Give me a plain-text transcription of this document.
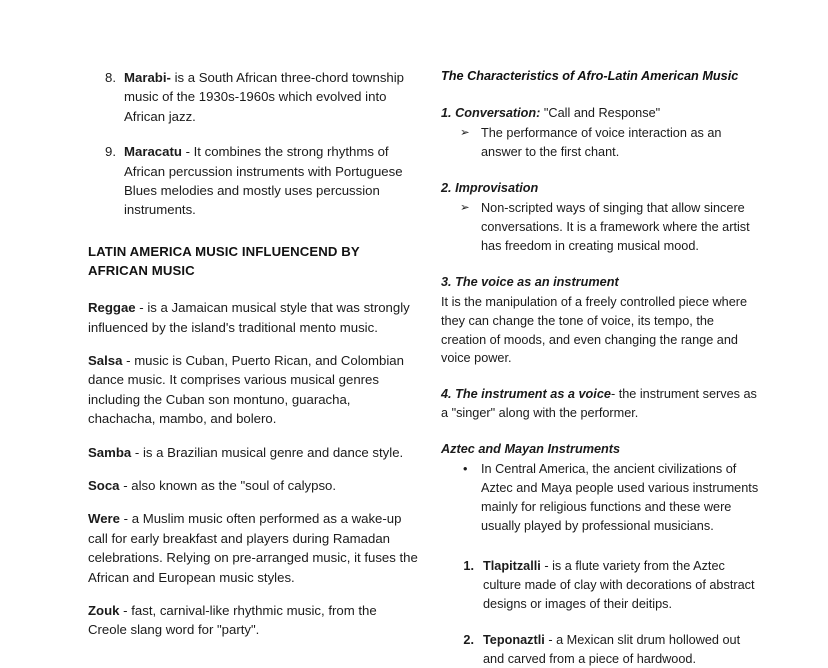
8. Marabi- is a South African three-chord township music of the 1930s-1960s which evolved into African jazz.
9. Maracatu - It combines the strong rhythms of African percussion instruments with Portuguese Blues melodies and mostly uses percussion instruments.
LATIN AMERICA MUSIC INFLUENCEND BY AFRICAN MUSIC

Reggae - is a Jamaican musical style that was strongly influenced by the island's traditional mento music.

Salsa - music is Cuban, Puerto Rican, and Colombian dance music. It comprises various musical genres including the Cuban son montuno, guaracha, chachacha, mambo, and bolero.

Samba - is a Brazilian musical genre and dance style.

Soca - also known as the "soul of calypso.

Were - a Muslim music often performed as a wake-up call for early breakfast and players during Ramadan celebrations. Relying on pre-arranged music, it fuses the African and European music styles.

Zouk - fast, carnival-like rhythmic music, from the Creole slang word for "party".

The Characteristics of Afro-Latin American Music
1. Conversation: "Call and Response"
➢ The performance of voice interaction as an answer to the first chant.
2. Improvisation
➢ Non-scripted ways of singing that allow sincere conversations. It is a framework where the artist has freedom in creating musical mood.
3. The voice as an instrument
It is the manipulation of a freely controlled piece where they can change the tone of voice, its tempo, the creation of moods, and even changing the range and voice power.
4. The instrument as a voice- the instrument serves as a "singer" along with the performer.
Aztec and Mayan Instruments
• In Central America, the ancient civilizations of Aztec and Maya people used various instruments mainly for religious functions and these were usually played by professional musicians.
1. Tlapitzalli - is a flute variety from the Aztec culture made of clay with decorations of abstract designs or images of their deitips.
2. Teponaztli - a Mexican slit drum hollowed out and carved from a piece of hardwood.
